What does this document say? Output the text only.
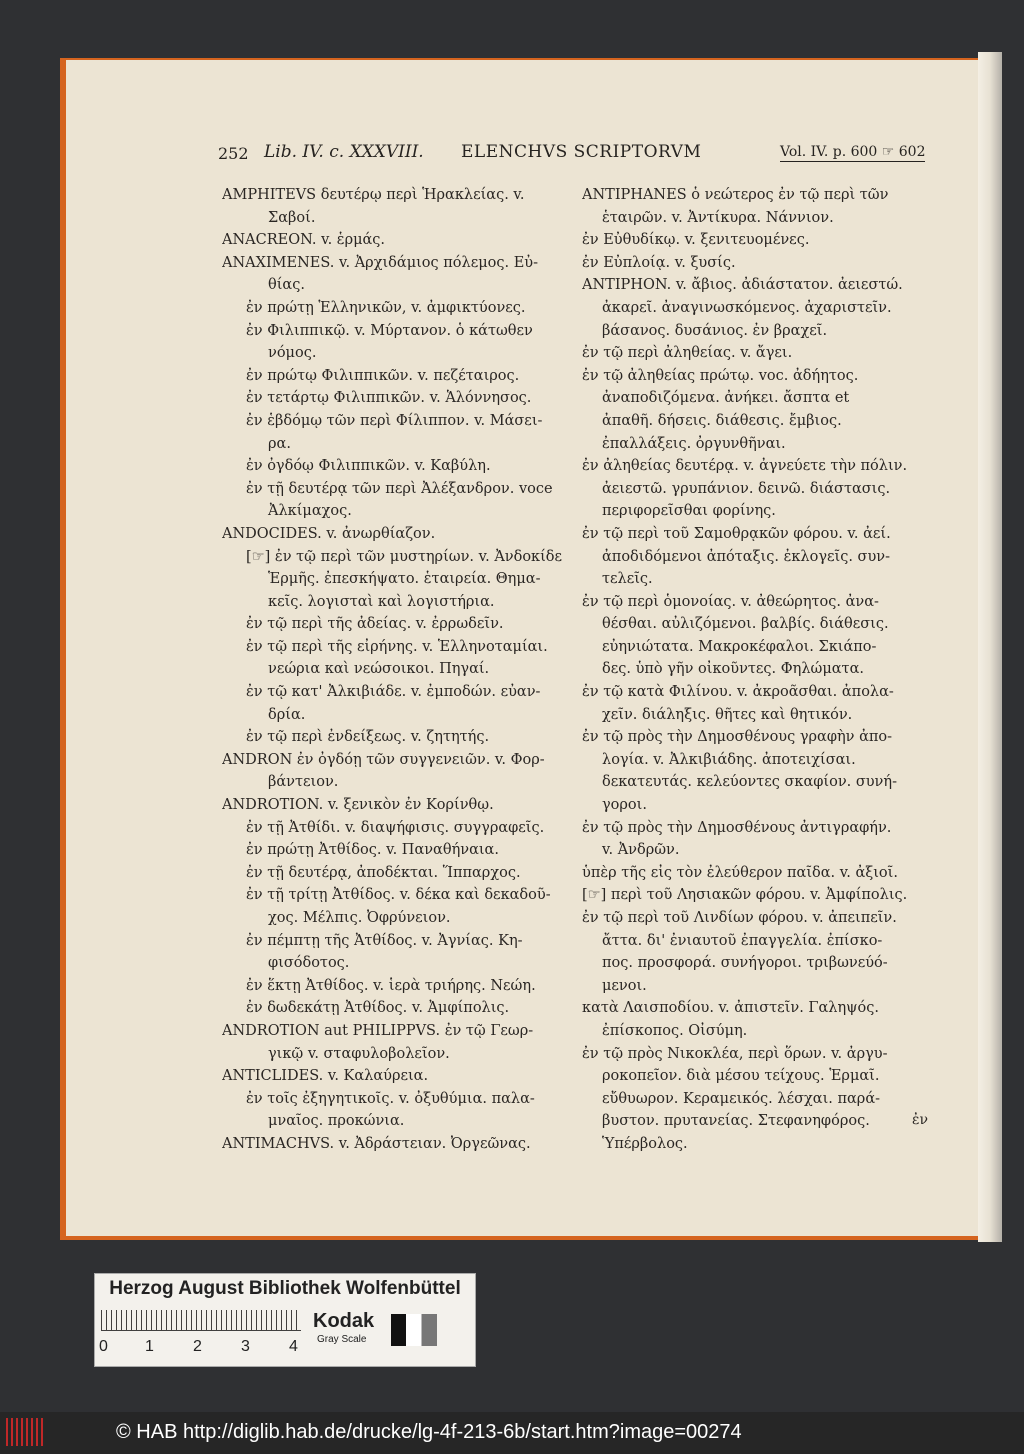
252 Lib. IV. c. XXXVIII. ELENCHVS SCRIPTORVM	Vol. IV. p. 600 ☞ 602
AMPHITEVS δευτέρῳ περὶ Ἡρακλείας. v.
Σαβοί.
ANACREON. v. ἑρμάς.
ANAXIMENES. v. Ἀρχιδάμιος πόλεμος. Εὐ-
θίας.
ἐν πρώτῃ Ἑλληνικῶν, v. ἀμφικτύονες.
ἐν Φιλιππικῷ. v. Μύρτανον. ὁ κάτωθεν
νόμος.
ἐν πρώτῳ Φιλιππικῶν. v. πεζέταιρος.
ἐν τετάρτῳ Φιλιππικῶν. v. Ἁλόννησος.
ἐν ἑβδόμῳ τῶν περὶ Φίλιππον. v. Μάσει-
ρα.
ἐν ὀγδόῳ Φιλιππικῶν. v. Καβύλη.
ἐν τῇ δευτέρᾳ τῶν περὶ Ἀλέξανδρον. voce
Ἀλκίμαχος.
ANDOCIDES. v. ἀνωρθίαζον.
[☞] ἐν τῷ περὶ τῶν μυστηρίων. v. Ἀνδοκίδε
Ἑρμῆς. ἐπεσκήψατο. ἑταιρεία. Θημα-
κεῖς. λογισταὶ καὶ λογιστήρια.
ἐν τῷ περὶ τῆς ἀδείας. v. ἐρρωδεῖν.
ἐν τῷ περὶ τῆς εἰρήνης. v. Ἑλληνοταμίαι.
νεώρια καὶ νεώσοικοι. Πηγαί.
ἐν τῷ κατ' Ἀλκιβιάδε. v. ἐμποδών. εὐαν-
δρία.
ἐν τῷ περὶ ἐνδείξεως. v. ζητητής.
ANDRON ἐν ὀγδόῃ τῶν συγγενειῶν. v. Φορ-
βάντειον.
ANDROTION. v. ξενικὸν ἐν Κορίνθῳ.
ἐν τῇ Ἀτθίδι. v. διαψήφισις. συγγραφεῖς.
ἐν πρώτῃ Ἀτθίδος. v. Παναθήναια.
ἐν τῇ δευτέρᾳ, ἀποδέκται. Ἵππαρχος.
ἐν τῇ τρίτῃ Ἀτθίδος. v. δέκα καὶ δεκαδοῦ-
χος. Μέλπις. Ὀφρύνειον.
ἐν πέμπτῃ τῆς Ἀτθίδος. v. Ἀγνίας. Κη-
φισόδοτος.
ἐν ἕκτῃ Ἀτθίδος. v. ἱερὰ τριήρης. Νεώη.
ἐν δωδεκάτῃ Ἀτθίδος. v. Ἀμφίπολις.
ANDROTION aut PHILIPPVS. ἐν τῷ Γεωρ-
γικῷ v. σταφυλοβολεῖον.
ANTICLIDES. v. Καλαύρεια.
ἐν τοῖς ἐξηγητικοῖς. v. ὀξυθύμια. παλα-
μναῖος. προκώνια.
ANTIMACHVS. v. Ἀδράστειαν. Ὀργεῶνας.
ANTIPHANES ὁ νεώτερος ἐν τῷ περὶ τῶν
ἑταιρῶν. v. Ἀντίκυρα. Νάννιον.
ἐν Εὐθυδίκῳ. v. ξενιτευομένες.
ἐν Εὐπλοίᾳ. v. ξυσίς.
ANTIPHON. v. ἄβιος. ἀδιάστατον. ἀειεστώ.
ἀκαρεῖ. ἀναγινωσκόμενος. ἀχαριστεῖν.
βάσανος. δυσάνιος. ἐν βραχεῖ.
ἐν τῷ περὶ ἀληθείας. v. ἄγει.
ἐν τῷ ἀληθείας πρώτῳ. voc. ἀδήητος.
ἀναποδιζόμενα. ἀνήκει. ἄσπτα et
ἀπαθῆ. δήσεις. διάθεσις. ἔμβιος.
ἐπαλλάξεις. ὀργυνθῆναι.
ἐν ἀληθείας δευτέρᾳ. v. ἀγνεύετε τὴν πόλιν.
ἀειεστῶ. γρυπάνιον. δεινῶ. διάστασις.
περιφορεῖσθαι φορίνης.
ἐν τῷ περὶ τοῦ Σαμοθρᾳκῶν φόρου. v. ἀεί.
ἀποδιδόμενοι ἀπόταξις. ἐκλογεῖς. συν-
τελεῖς.
ἐν τῷ περὶ ὁμονοίας. v. ἀθεώρητος. ἀνα-
θέσθαι. αὐλιζόμενοι. βαλβίς. διάθεσις.
εὐηνιώτατα. Μακροκέφαλοι. Σκιάπο-
δες. ὑπὸ γῆν οἰκοῦντες. Φηλώματα.
ἐν τῷ κατὰ Φιλίνου. v. ἀκροᾶσθαι. ἀπολα-
χεῖν. διάληξις. θῆτες καὶ θητικόν.
ἐν τῷ πρὸς τὴν Δημοσθένους γραφὴν ἀπο-
λογία. v. Ἀλκιβιάδης. ἀποτειχίσαι.
δεκατευτάς. κελεύοντες σκαφίον. συνή-
γοροι.
ἐν τῷ πρὸς τὴν Δημοσθένους ἀντιγραφήν.
v. Ἀνδρῶν.
ὑπὲρ τῆς εἰς τὸν ἐλεύθερον παῖδα. v. ἀξιοῖ.
[☞] περὶ τοῦ Λησιακῶν φόρου. v. Ἀμφίπολις.
ἐν τῷ περὶ τοῦ Λινδίων φόρου. v. ἀπειπεῖν.
ἄττα. δι' ἐνιαυτοῦ ἐπαγγελία. ἐπίσκο-
πος. προσφορά. συνήγοροι. τριβωνεύό-
μενοι.
κατὰ Λαισποδίου. v. ἀπιστεῖν. Γαληψός.
ἐπίσκοπος. Οἰσύμη.
ἐν τῷ πρὸς Νικοκλέα, περὶ ὅρων. v. ἀργυ-
ροκοπεῖον. διὰ μέσου τείχους. Ἑρμαῖ.
εὔθυωρον. Κεραμεικός. λέσχαι. παρά-
βυστον. πρυτανείας. Στεφανηφόρος.
Ὑπέρβολος.
ἐν
Herzog August Bibliothek Wolfenbüttel
0 1 2 3 4
Kodak
Gray Scale
© HAB http://diglib.hab.de/drucke/lg-4f-213-6b/start.htm?image=00274
